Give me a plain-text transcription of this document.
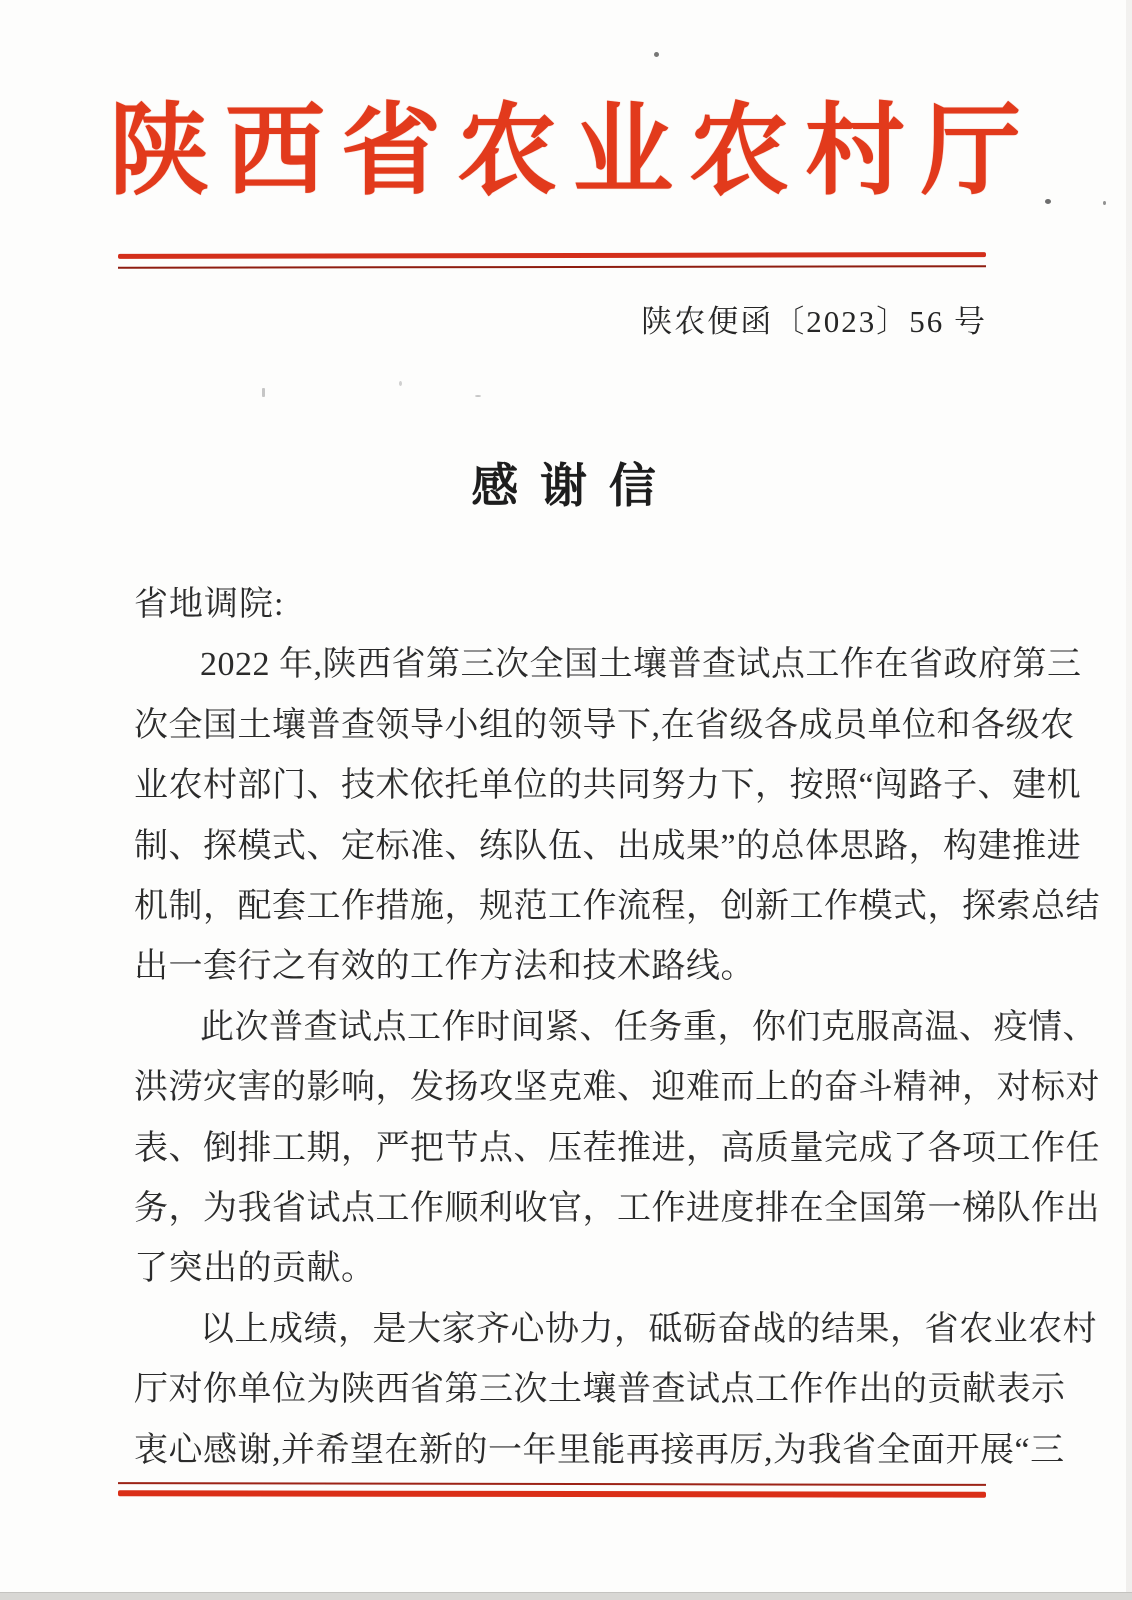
陕西省农业农村厅
陕农便函〔2023〕56 号
感 谢 信
省地调院:
2022 年,陕西省第三次全国土壤普查试点工作在省政府第三
次全国土壤普查领导小组的领导下,在省级各成员单位和各级农
业农村部门、技术依托单位的共同努力下，按照“闯路子、建机
制、探模式、定标准、练队伍、出成果”的总体思路，构建推进
机制，配套工作措施，规范工作流程，创新工作模式，探索总结
出一套行之有效的工作方法和技术路线。
此次普查试点工作时间紧、任务重，你们克服高温、疫情、
洪涝灾害的影响，发扬攻坚克难、迎难而上的奋斗精神，对标对
表、倒排工期，严把节点、压茬推进，高质量完成了各项工作任
务，为我省试点工作顺利收官，工作进度排在全国第一梯队作出
了突出的贡献。
以上成绩，是大家齐心协力，砥砺奋战的结果，省农业农村
厅对你单位为陕西省第三次土壤普查试点工作作出的贡献表示
衷心感谢,并希望在新的一年里能再接再厉,为我省全面开展“三
